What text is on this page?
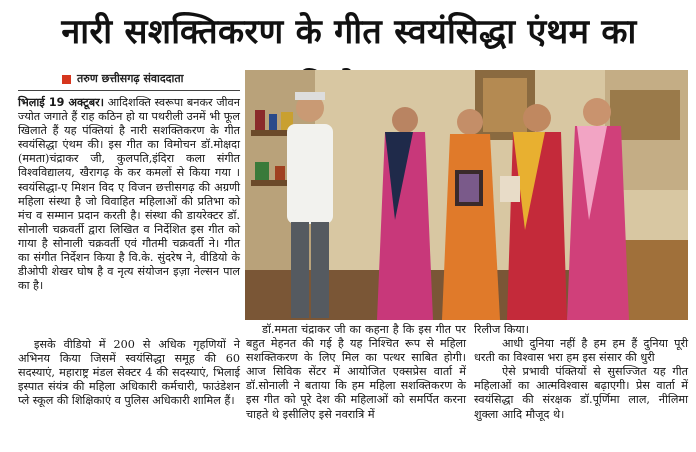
नारी सशक्तिकरण के गीत स्वयंसिद्धा एंथम का
तरुण छत्तीसगढ़ संवाददाता

भिलाई 19 अक्टूबर। आदिशक्ति स्वरूपा बनकर जीवन ज्योत जगाते हैं राह कठिन हो या पथरीली उनमें भी फूल खिलाते हैं यह पंक्तियां है नारी सशक्तिकरण के गीत स्वयंसिद्धा एंथम की। इस गीत का विमोचन डॉ.मोक्षदा (ममता)चंद्राकर जी, कुलपति,इंदिरा कला संगीत विश्वविद्यालय, खैरागढ़ के कर कमलों से किया गया । स्वयंसिद्धा-ए मिशन विद ए विजन छत्तीसगढ़ की अग्रणी महिला संस्था है जो विवाहित महिलाओं की प्रतिभा को मंच व सम्मान प्रदान करती है। संस्था की डायरेक्टर डॉ. सोनाली चक्रवर्ती द्वारा लिखित व निर्देशित इस गीत को गाया है सोनाली चक्रवर्ती एवं गौतमी चक्रवर्ती ने। गीत का संगीत निर्देशन किया है वि.के. सुंदरेष ने, वीडियो के डीओपी शेखर घोष है व नृत्य संयोजन इज़ा नेल्सन पाल का है।

इसके वीडियो में 200 से अधिक गृहणियों ने अभिनय किया जिसमें स्वयंसिद्धा समूह की 60 सदस्याएं, महाराष्ट्र मंडल सेक्टर 4 की सदस्याएं, भिलाई इस्पात संयंत्र की महिला अधिकारी कर्मचारी, फाउंडेशन प्ले स्कूल की शिक्षिकाएं व पुलिस अधिकारी शामिल हैं।

डॉ.ममता चंद्राकर जी का कहना है कि इस गीत पर बहुत मेहनत की गई है यह निश्चित रूप से महिला सशक्तिकरण के लिए मिल का पत्थर साबित होगी। आज सिविक सेंटर में आयोजित एक्सप्रेस वार्ता में डॉ.सोनाली ने बताया कि हम महिला सशक्तिकरण के इस गीत को पूरे देश की महिलाओं को समर्पित करना चाहते थे इसीलिए इसे नवरात्रि में

रिलीज किया।

आधी दुनिया नहीं है हम हम हैं दुनिया पूरी धरती का विश्वास भरा हम इस संसार की धुरी

ऐसे प्रभावी पंक्तियों से सुसज्जित यह गीत महिलाओं का आत्मविश्वास बढ़ाएगी। प्रेस वार्ता में स्वयंसिद्धा की संरक्षक डॉ.पूर्णिमा लाल, नीलिमा शुक्ला आदि मौजूद थे।
